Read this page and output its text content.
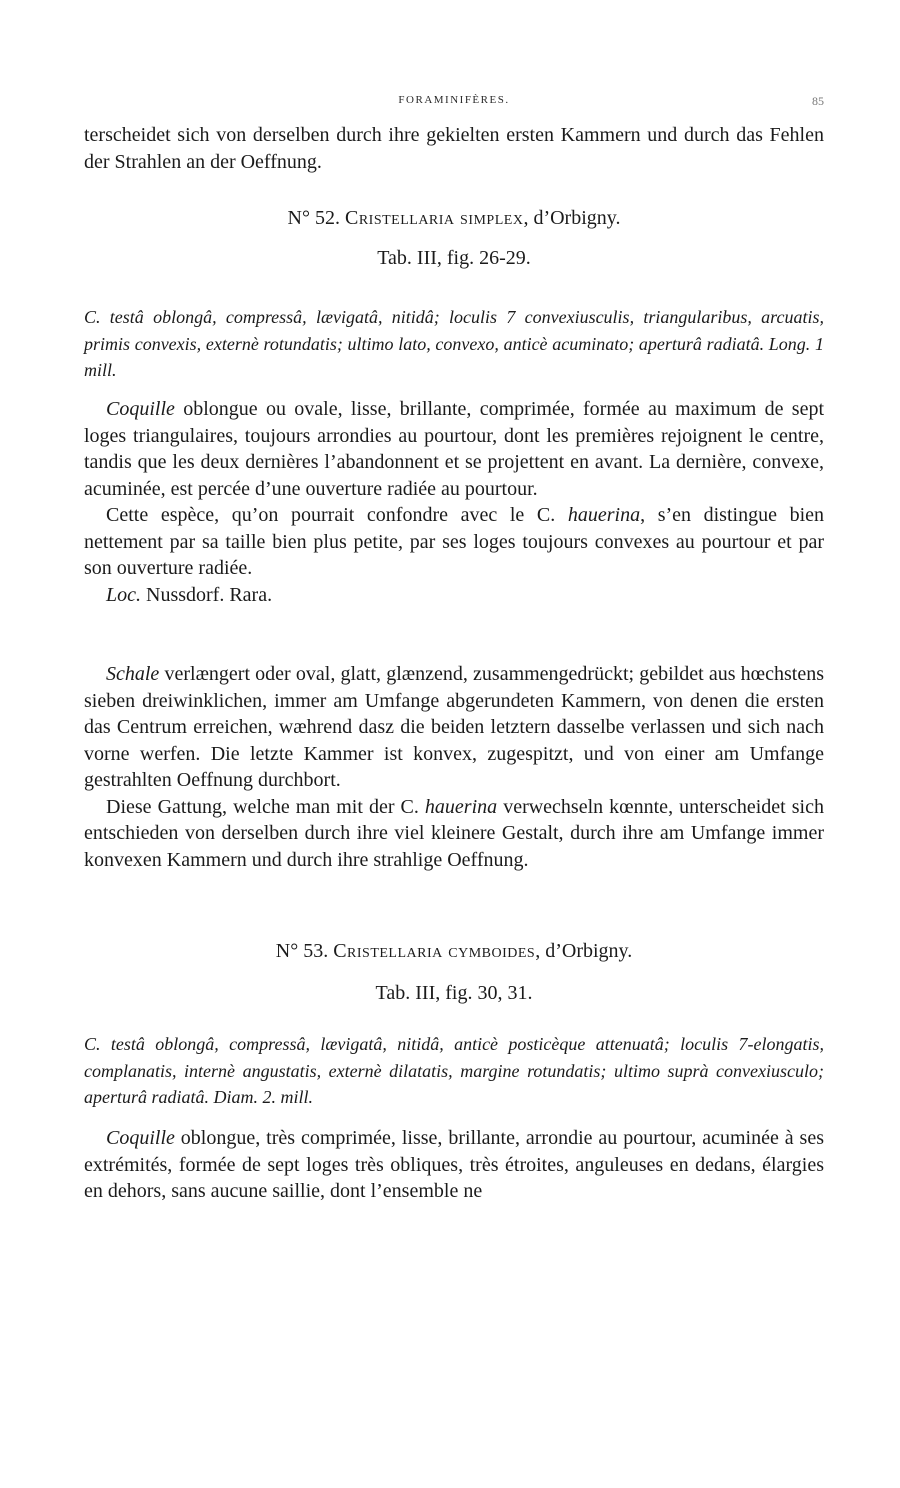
FORAMINIFÈRES.	85

terscheidet sich von derselben durch ihre gekielten ersten Kammern und durch das Fehlen der Strahlen an der Oeffnung.

N° 52. Cristellaria simplex, d’Orbigny.
Tab. III, fig. 26-29.

C. testâ oblongâ, compressâ, lævigatâ, nitidâ; loculis 7 convexiusculis, triangularibus, arcuatis, primis convexis, externè rotundatis; ultimo lato, convexo, anticè acuminato; aperturâ radiatâ. Long. 1 mill.

Coquille oblongue ou ovale, lisse, brillante, comprimée, formée au maximum de sept loges triangulaires, toujours arrondies au pourtour, dont les premières rejoignent le centre, tandis que les deux dernières l’abandonnent et se projettent en avant. La dernière, convexe, acuminée, est percée d’une ouverture radiée au pourtour.

Cette espèce, qu’on pourrait confondre avec le C. hauerina, s’en distingue bien nettement par sa taille bien plus petite, par ses loges toujours convexes au pourtour et par son ouverture radiée.

Loc. Nussdorf. Rara.

Schale verlængert oder oval, glatt, glænzend, zusammengedrückt; gebildet aus hœchstens sieben dreiwinklichen, immer am Umfange abgerundeten Kammern, von denen die ersten das Centrum erreichen, wæhrend dasz die beiden letztern dasselbe verlassen und sich nach vorne werfen. Die letzte Kammer ist konvex, zugespitzt, und von einer am Umfange gestrahlten Oeffnung durchbort.

Diese Gattung, welche man mit der C. hauerina verwechseln kœnnte, unterscheidet sich entschieden von derselben durch ihre viel kleinere Gestalt, durch ihre am Umfange immer konvexen Kammern und durch ihre strahlige Oeffnung.

N° 53. Cristellaria cymboides, d’Orbigny.
Tab. III, fig. 30, 31.

C. testâ oblongâ, compressâ, lævigatâ, nitidâ, anticè posticèque attenuatâ; loculis 7-elongatis, complanatis, internè angustatis, externè dilatatis, margine rotundatis; ultimo suprà convexiusculo; aperturâ radiatâ. Diam. 2. mill.

Coquille oblongue, très comprimée, lisse, brillante, arrondie au pourtour, acuminée à ses extrémités, formée de sept loges très obliques, très étroites, anguleuses en dedans, élargies en dehors, sans aucune saillie, dont l’ensemble ne
